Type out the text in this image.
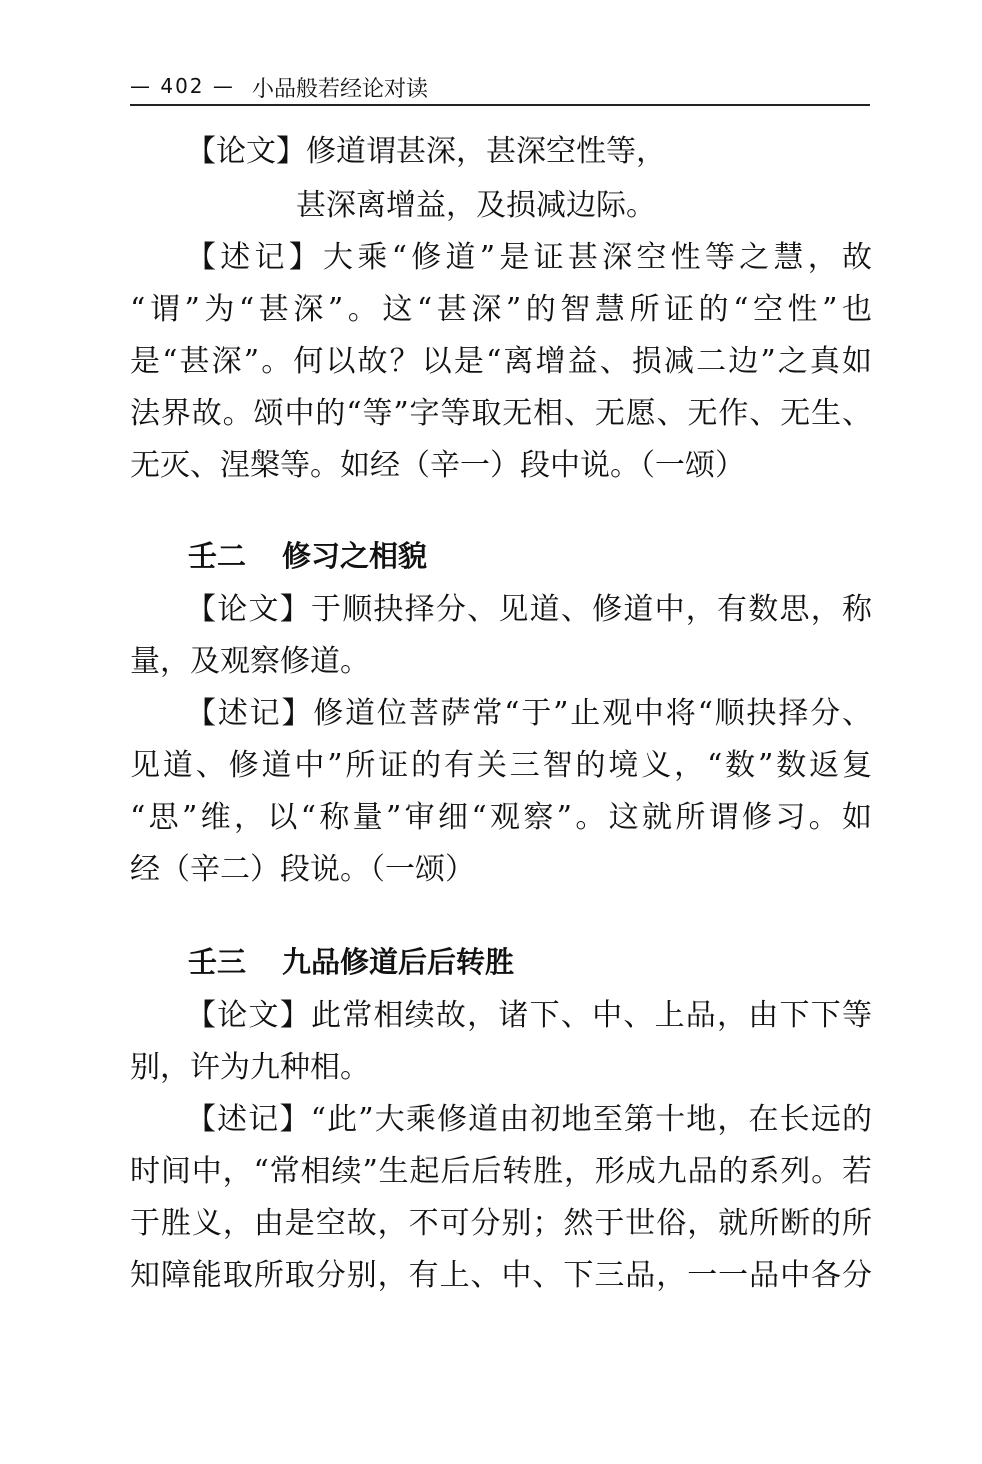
— 402 — 小品般若经论对读
【论文】修道谓甚深，甚深空性等，
甚深离增益，及损减边际。
【述记】大乘“修道”是证甚深空性等之慧，故
“谓”为“甚深”。这“甚深”的智慧所证的“空性”也
是“甚深”。何以故？以是“离增益、损减二边”之真如
法界故。颂中的“等”字等取无相、无愿、无作、无生、
无灭、涅槃等。如经（辛一）段中说。（一颂）
壬二 修习之相貌
【论文】于顺抉择分、见道、修道中，有数思，称
量，及观察修道。
【述记】修道位菩萨常“于”止观中将“顺抉择分、
见道、修道中”所证的有关三智的境义，“数”数返复
“思”维，以“称量”审细“观察”。这就所谓修习。如
经（辛二）段说。（一颂）
壬三 九品修道后后转胜
【论文】此常相续故，诸下、中、上品，由下下等
别，许为九种相。
【述记】“此”大乘修道由初地至第十地，在长远的
时间中，“常相续”生起后后转胜，形成九品的系列。若
于胜义，由是空故，不可分别；然于世俗，就所断的所
知障能取所取分别，有上、中、下三品，一一品中各分
